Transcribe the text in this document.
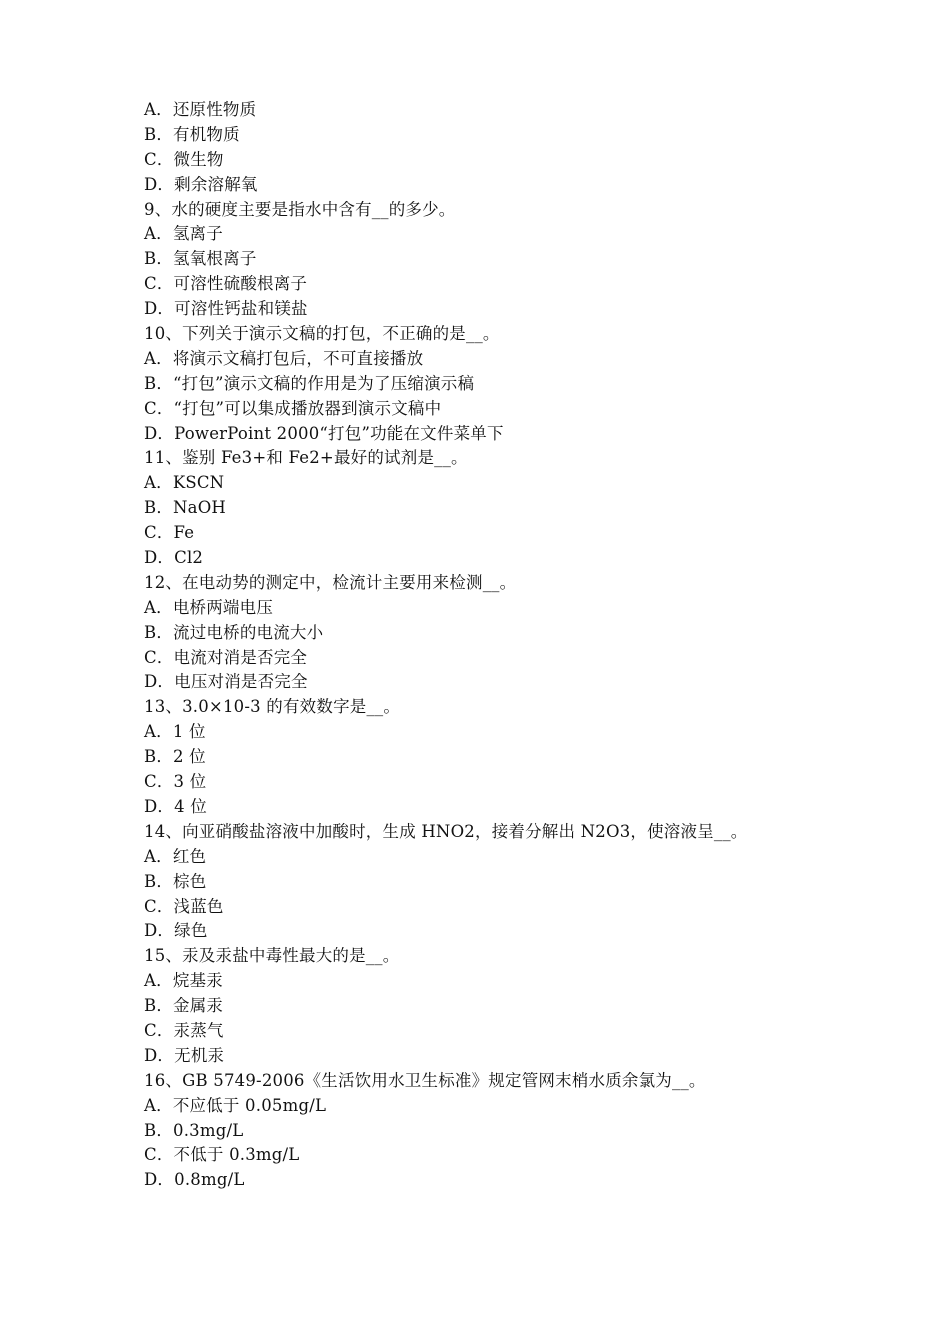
A．还原性物质
B．有机物质
C．微生物
D．剩余溶解氧
9、水的硬度主要是指水中含有__的多少。
A．氢离子
B．氢氧根离子
C．可溶性硫酸根离子
D．可溶性钙盐和镁盐
10、下列关于演示文稿的打包，不正确的是__。
A．将演示文稿打包后，不可直接播放
B．“打包”演示文稿的作用是为了压缩演示稿
C．“打包”可以集成播放器到演示文稿中
D．PowerPoint 2000“打包”功能在文件菜单下
11、鉴别 Fe3+和 Fe2+最好的试剂是__。
A．KSCN
B．NaOH
C．Fe
D．Cl2
12、在电动势的测定中，检流计主要用来检测__。
A．电桥两端电压
B．流过电桥的电流大小
C．电流对消是否完全
D．电压对消是否完全
13、3.0×10-3 的有效数字是__。
A．1 位
B．2 位
C．3 位
D．4 位
14、向亚硝酸盐溶液中加酸时，生成 HNO2，接着分解出 N2O3，使溶液呈__。
A．红色
B．棕色
C．浅蓝色
D．绿色
15、汞及汞盐中毒性最大的是__。
A．烷基汞
B．金属汞
C．汞蒸气
D．无机汞
16、GB 5749-2006《生活饮用水卫生标准》规定管网末梢水质余氯为__。
A．不应低于 0.05mg/L
B．0.3mg/L
C．不低于 0.3mg/L
D．0.8mg/L
